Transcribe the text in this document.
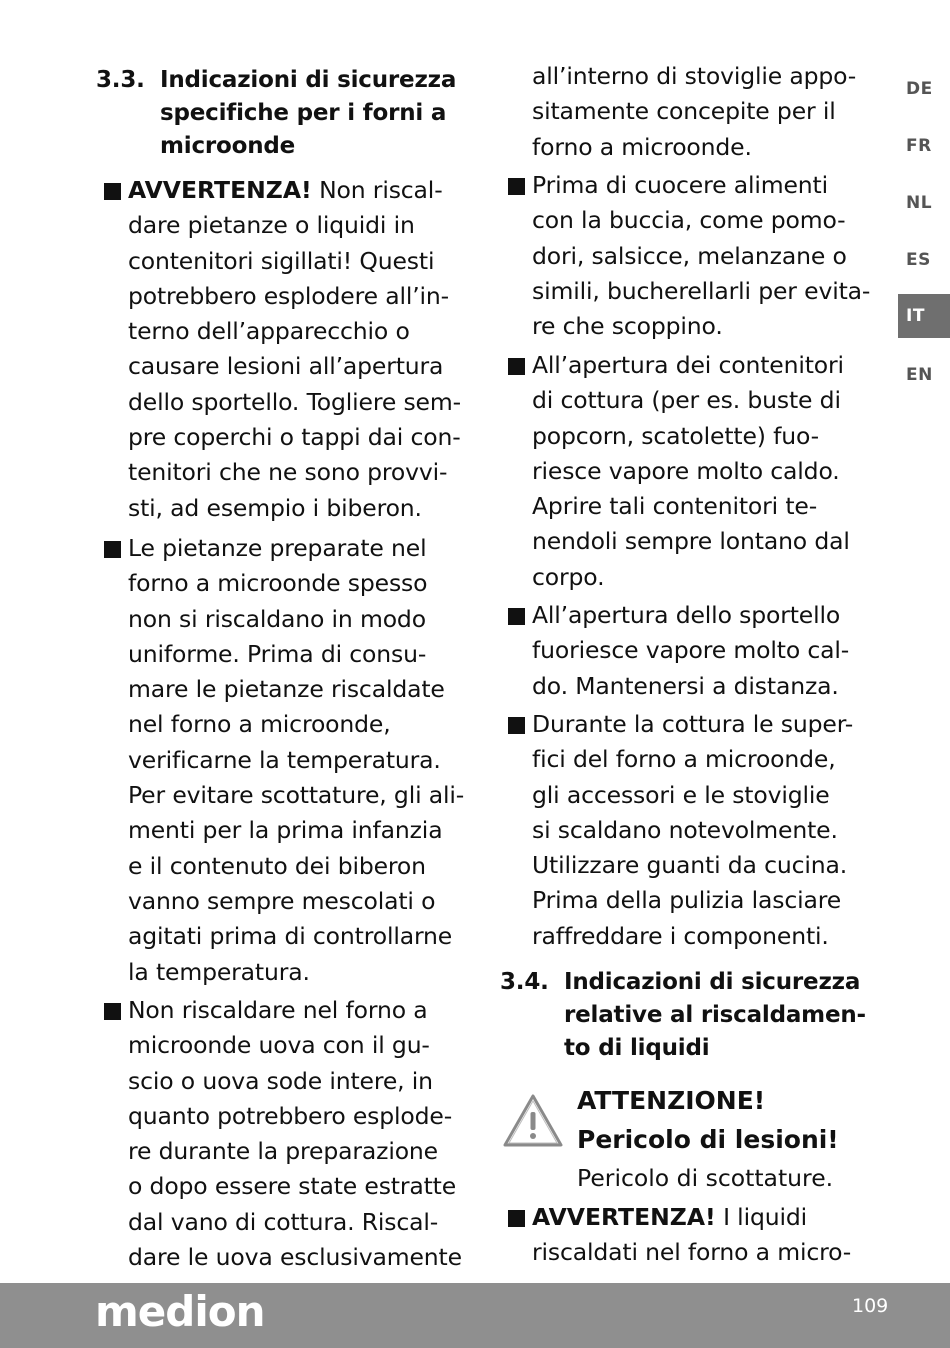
3.3. Indicazioni di sicurezza
specifiche per i forni a
microonde
AVVERTENZA! Non riscal-
dare pietanze o liquidi in
contenitori sigillati! Questi
potrebbero esplodere all’in-
terno dell’apparecchio o
causare lesioni all’apertura
dello sportello. Togliere sem-
pre coperchi o tappi dai con-
tenitori che ne sono provvi-
sti, ad esempio i biberon.
Le pietanze preparate nel
forno a microonde spesso
non si riscaldano in modo
uniforme. Prima di consu-
mare le pietanze riscaldate
nel forno a microonde,
verificarne la temperatura.
Per evitare scottature, gli ali-
menti per la prima infanzia
e il contenuto dei biberon
vanno sempre mescolati o
agitati prima di controllarne
la temperatura.
Non riscaldare nel forno a
microonde uova con il gu-
scio o uova sode intere, in
quanto potrebbero esplode-
re durante la preparazione
o dopo essere state estratte
dal vano di cottura. Riscal-
dare le uova esclusivamente
all’interno di stoviglie appo-
sitamente concepite per il
forno a microonde.
Prima di cuocere alimenti
con la buccia, come pomo-
dori, salsicce, melanzane o
simili, bucherellarli per evita-
re che scoppino.
All’apertura dei contenitori
di cottura (per es. buste di
popcorn, scatolette) fuo-
riesce vapore molto caldo.
Aprire tali contenitori te-
nendoli sempre lontano dal
corpo.
All’apertura dello sportello
fuoriesce vapore molto cal-
do. Mantenersi a distanza.
Durante la cottura le super-
fici del forno a microonde,
gli accessori e le stoviglie
si scaldano notevolmente.
Utilizzare guanti da cucina.
Prima della pulizia lasciare
raffreddare i componenti.
3.4. Indicazioni di sicurezza
relative al riscaldamen-
to di liquidi
AVVERTENZA! I liquidi
riscaldati nel forno a micro-
ATTENZIONE!
Pericolo di lesioni!
Pericolo di scottature.
DE
FR
NL
ES
IT
EN
medion	109
